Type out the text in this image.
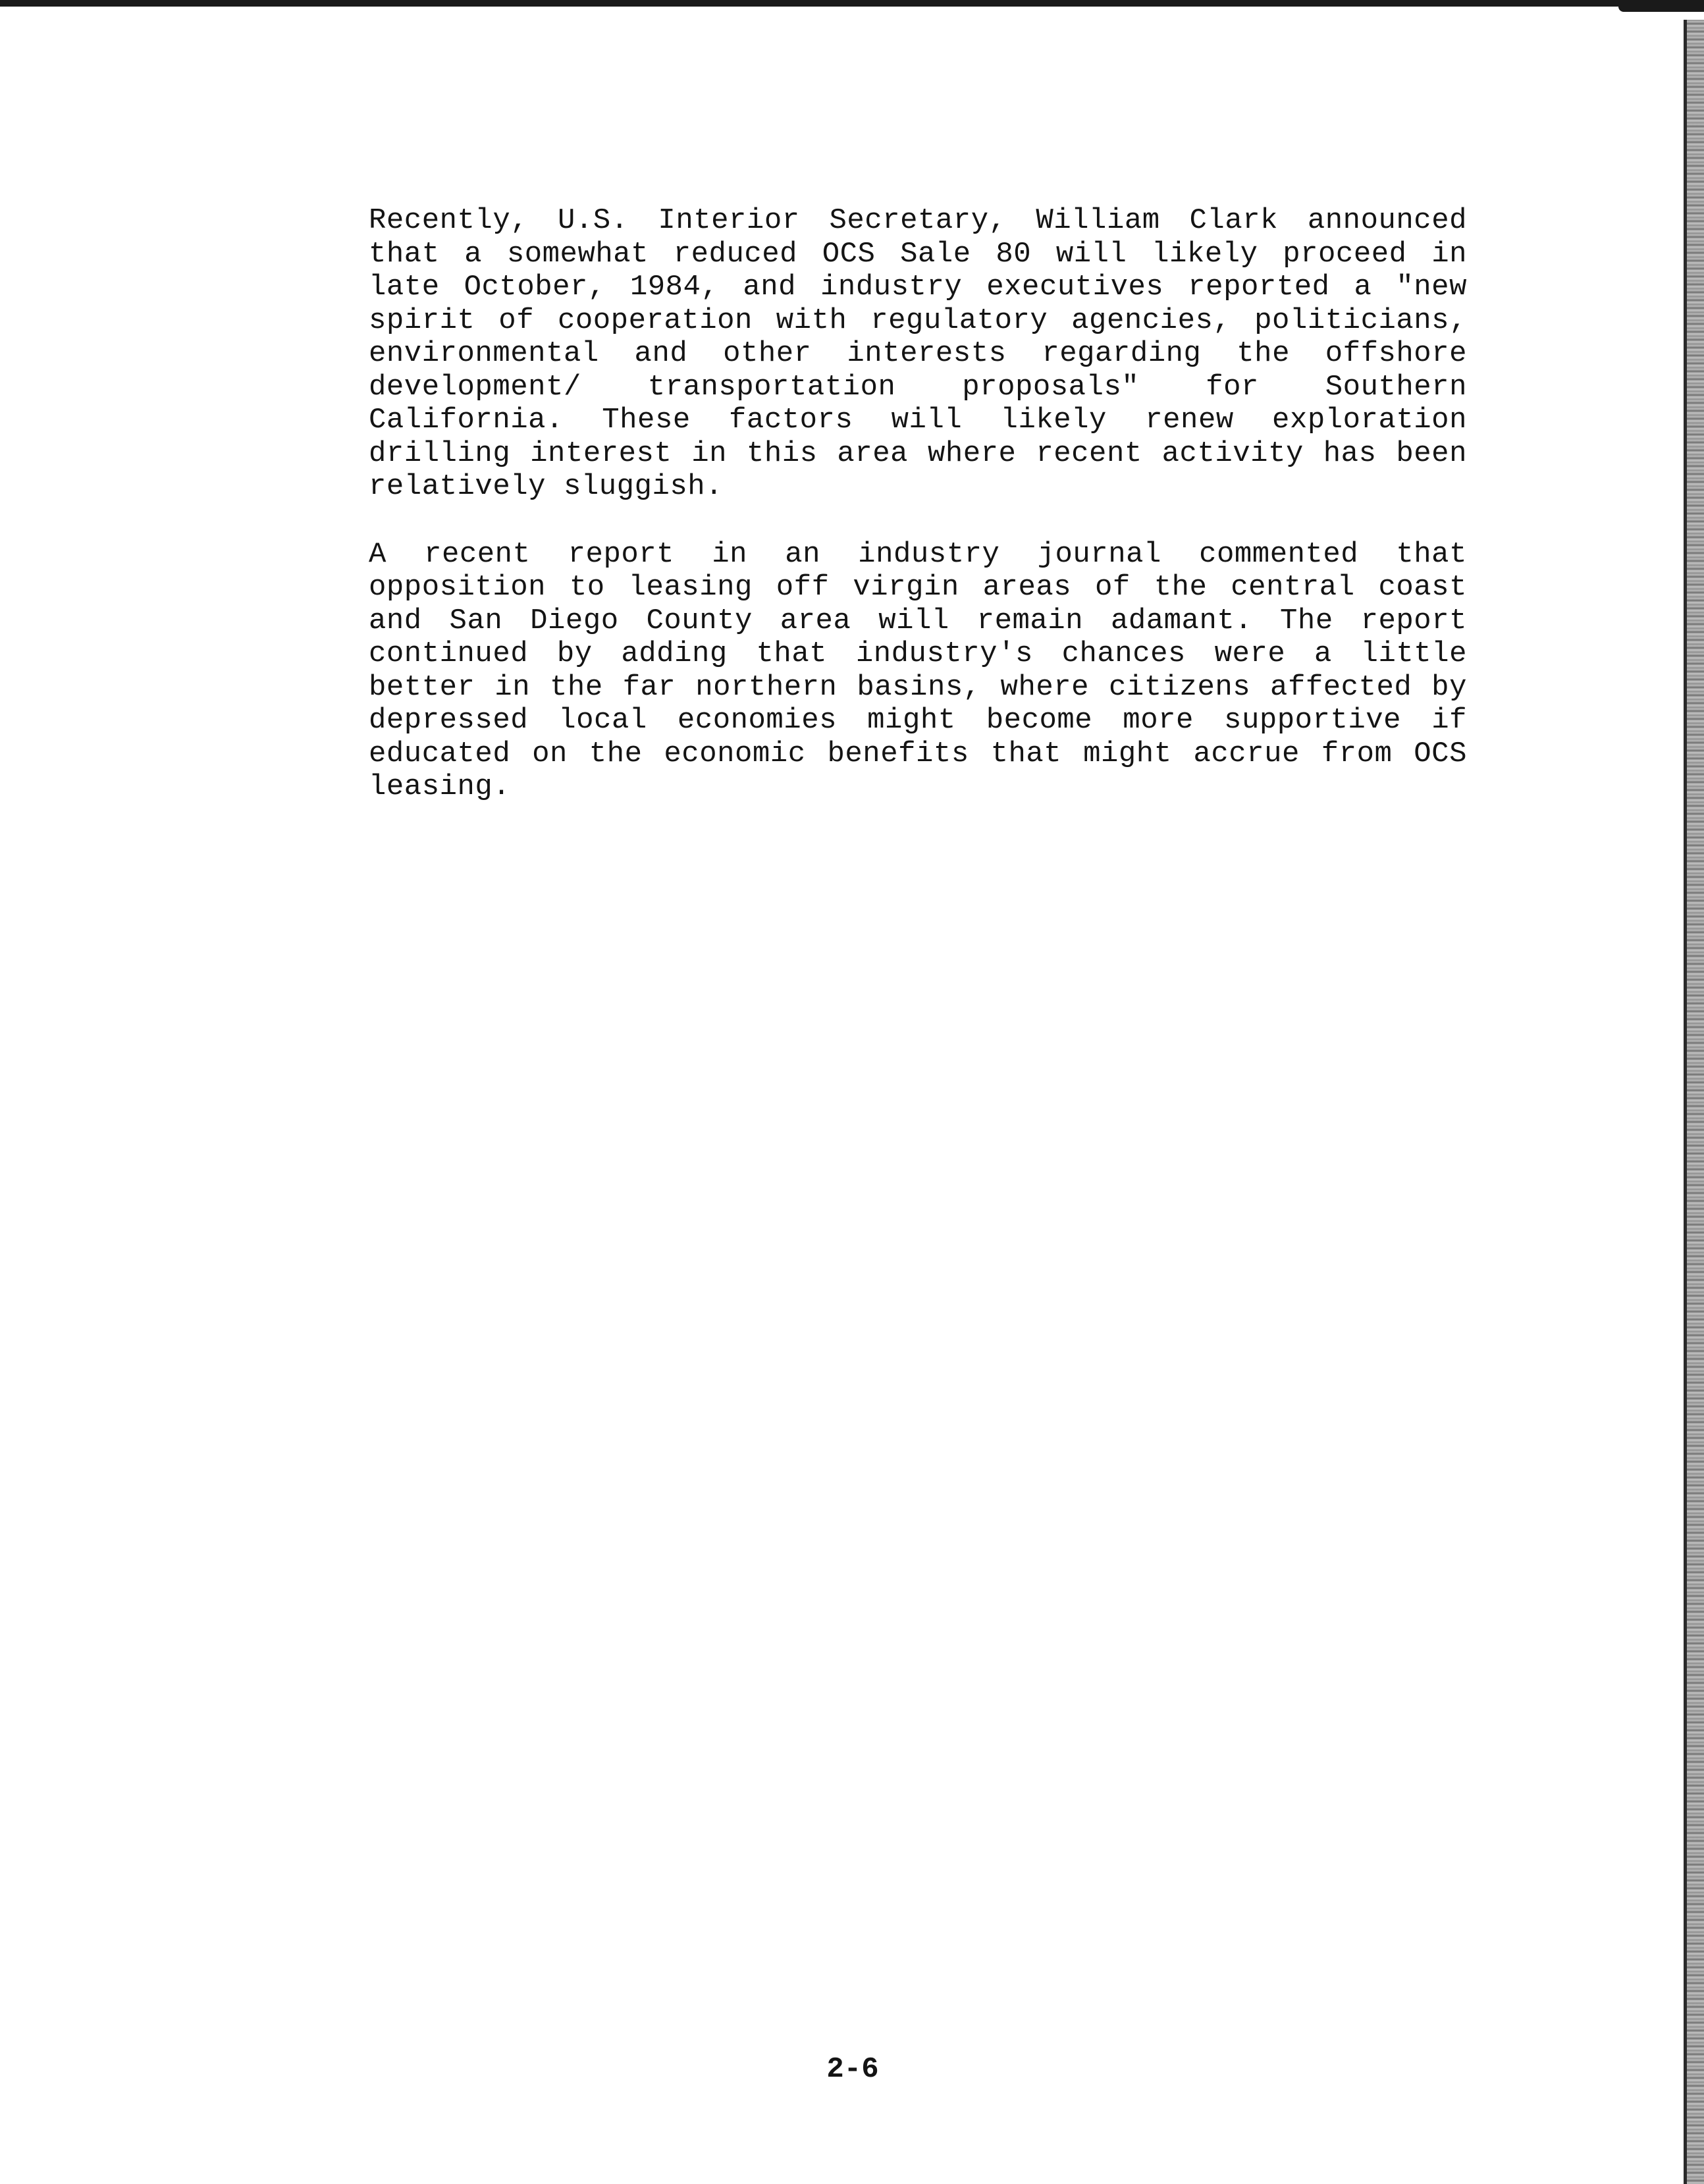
Recently, U.S. Interior Secretary, William Clark announced that a somewhat reduced OCS Sale 80 will likely proceed in late October, 1984, and industry executives reported a "new spirit of cooperation with regulatory agencies, politicians, environmental and other interests regarding the offshore development/ transportation proposals" for Southern California. These factors will likely renew exploration drilling interest in this area where recent activity has been relatively sluggish.

A recent report in an industry journal commented that opposition to leasing off virgin areas of the central coast and San Diego County area will remain adamant. The report continued by adding that industry's chances were a little better in the far northern basins, where citizens affected by depressed local economies might become more supportive if educated on the economic benefits that might accrue from OCS leasing.

2-6
